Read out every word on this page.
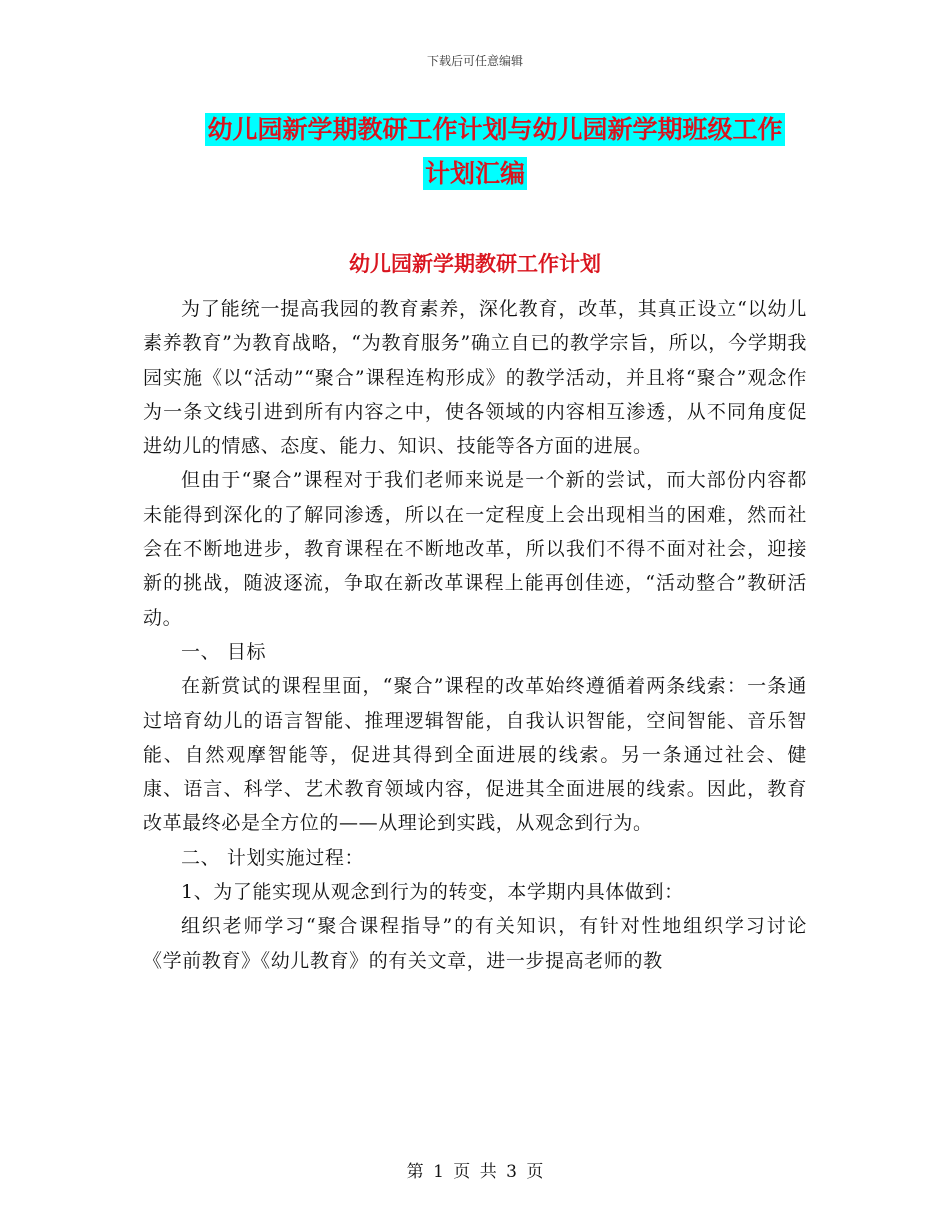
下载后可任意编辑
幼儿园新学期教研工作计划与幼儿园新学期班级工作
计划汇编
幼儿园新学期教研工作计划

为了能统一提高我园的教育素养，深化教育，改革，其真正设立“以幼儿素养教育”为教育战略，“为教育服务”确立自已的教学宗旨，所以，今学期我园实施《以“活动”“聚合”课程连构形成》的教学活动，并且将“聚合”观念作为一条文线引进到所有内容之中，使各领域的内容相互渗透，从不同角度促进幼儿的情感、态度、能力、知识、技能等各方面的进展。

但由于“聚合”课程对于我们老师来说是一个新的尝试，而大部份内容都未能得到深化的了解同渗透，所以在一定程度上会出现相当的困难，然而社会在不断地进步，教育课程在不断地改革，所以我们不得不面对社会，迎接新的挑战，随波逐流，争取在新改革课程上能再创佳迹，“活动整合”教研活动。

一、 目标

在新赏试的课程里面，“聚合”课程的改革始终遵循着两条线索：一条通过培育幼儿的语言智能、推理逻辑智能，自我认识智能，空间智能、音乐智能、自然观摩智能等，促进其得到全面进展的线索。另一条通过社会、健康、语言、科学、艺术教育领域内容，促进其全面进展的线索。因此，教育改革最终必是全方位的——从理论到实践，从观念到行为。

二、 计划实施过程：

1、为了能实现从观念到行为的转变，本学期内具体做到：

组织老师学习“聚合课程指导”的有关知识，有针对性地组织学习讨论《学前教育》《幼儿教育》的有关文章，进一步提高老师的教

第 1 页 共 3 页
